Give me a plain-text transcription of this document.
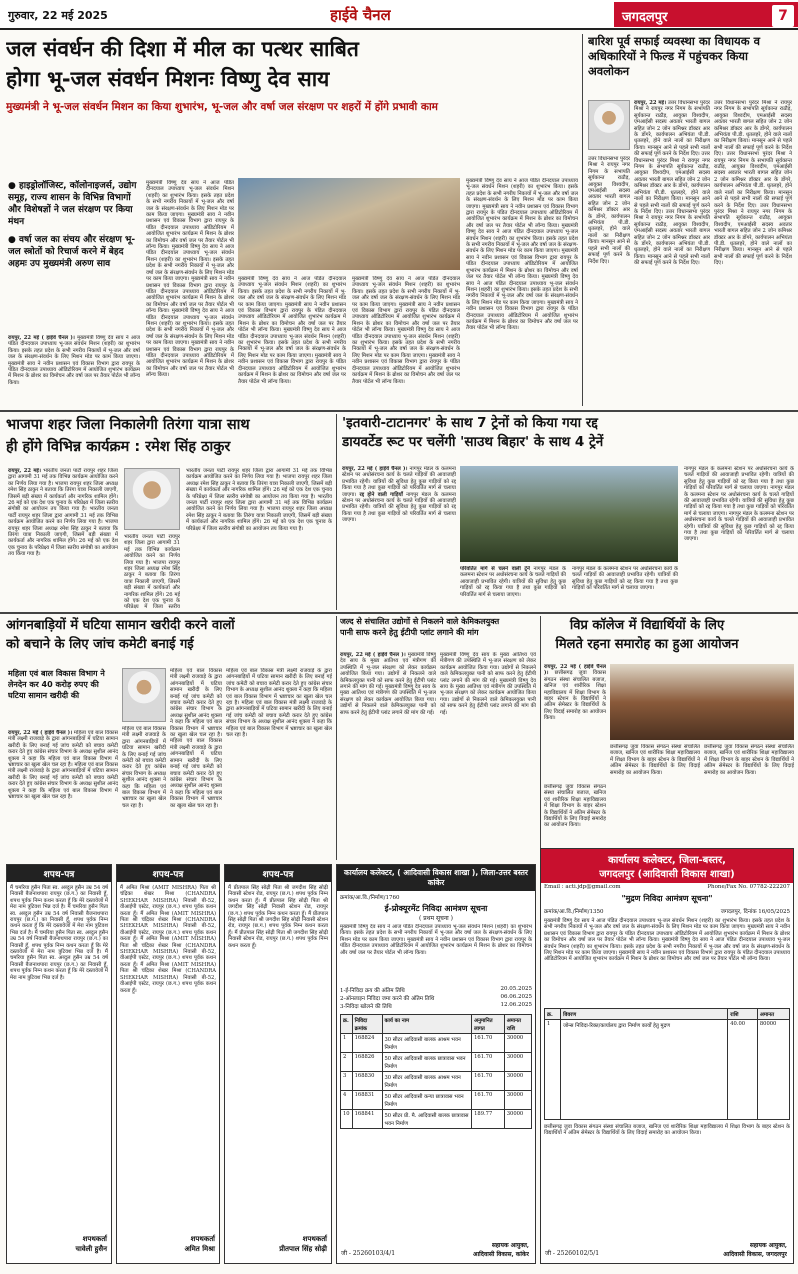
गुरुवार, 22 मई 2025	हाईवे चैनल	जगदलपुर	7
जल संवर्धन की दिशा में मील का पत्थर साबित
होगा भू-जल संवर्धन मिशनः विष्णु देव साय
मुख्यमंत्री ने भू-जल संवर्धन मिशन का किया शुभारंभ, भू-जल और वर्षा जल संरक्षण पर शहरों में होंगे प्रभावी काम
● हाइड्रोलॉजिस्ट, कॉलोनाइजर्स, उद्योग समूह, राज्य शासन के विभिन्न विभागों और विशेषज्ञों ने जल संरक्षण पर किया मंथन
● वर्षा जल का संचय और संरक्षण भू-जल स्त्रोतों को रिचार्ज करने में बेहद अहमः उप मुख्यमंत्री अरुण साव
रायपुर, 22 मई ( हाईवे चैनल )। मुख्यमंत्री विष्णु देव साय ने आज पंडित दीनदयाल उपाध्याय भू-जल संवर्धन मिशन (शहरी) का शुभारंभ किया। इसके तहत प्रदेश के सभी नगरीय निकायों में भू-जल और वर्षा जल के संरक्षण-संवर्धन के लिए मिशन मोड पर काम किया जाएगा। मुख्यमंत्री साय ने नवीन प्रशासन एवं विकास विभाग द्वारा रायपुर के पंडित दीनदयाल उपाध्याय ऑडिटोरियम में आयोजित शुभारंभ कार्यक्रम में मिशन के ब्रोशर का विमोचन और वर्षा जल पर तैयार पोर्टल भी लॉन्च किया।
मुख्यमंत्री विष्णु देव साय ने आज पंडित दीनदयाल उपाध्याय भू-जल संवर्धन मिशन (शहरी) का शुभारंभ किया। इसके तहत प्रदेश के सभी नगरीय निकायों में भू-जल और वर्षा जल के संरक्षण-संवर्धन के लिए मिशन मोड पर काम किया जाएगा। मुख्यमंत्री साय ने नवीन प्रशासन एवं विकास विभाग द्वारा रायपुर के पंडित दीनदयाल उपाध्याय ऑडिटोरियम में आयोजित शुभारंभ कार्यक्रम में मिशन के ब्रोशर का विमोचन और वर्षा जल पर तैयार पोर्टल भी लॉन्च किया। मुख्यमंत्री विष्णु देव साय ने आज पंडित दीनदयाल उपाध्याय भू-जल संवर्धन मिशन (शहरी) का शुभारंभ किया। इसके तहत प्रदेश के सभी नगरीय निकायों में भू-जल और वर्षा जल के संरक्षण-संवर्धन के लिए मिशन मोड पर काम किया जाएगा। मुख्यमंत्री साय ने नवीन प्रशासन एवं विकास विभाग द्वारा रायपुर के पंडित दीनदयाल उपाध्याय ऑडिटोरियम में आयोजित शुभारंभ कार्यक्रम में मिशन के ब्रोशर का विमोचन और वर्षा जल पर तैयार पोर्टल भी लॉन्च किया। मुख्यमंत्री विष्णु देव साय ने आज पंडित दीनदयाल उपाध्याय भू-जल संवर्धन मिशन (शहरी) का शुभारंभ किया। इसके तहत प्रदेश के सभी नगरीय निकायों में भू-जल और वर्षा जल के संरक्षण-संवर्धन के लिए मिशन मोड पर काम किया जाएगा। मुख्यमंत्री साय ने नवीन प्रशासन एवं विकास विभाग द्वारा रायपुर के पंडित दीनदयाल उपाध्याय ऑडिटोरियम में आयोजित शुभारंभ कार्यक्रम में मिशन के ब्रोशर का विमोचन और वर्षा जल पर तैयार पोर्टल भी लॉन्च किया।
मुख्यमंत्री विष्णु देव साय ने आज पंडित दीनदयाल उपाध्याय भू-जल संवर्धन मिशन (शहरी) का शुभारंभ किया। इसके तहत प्रदेश के सभी नगरीय निकायों में भू-जल और वर्षा जल के संरक्षण-संवर्धन के लिए मिशन मोड पर काम किया जाएगा। मुख्यमंत्री साय ने नवीन प्रशासन एवं विकास विभाग द्वारा रायपुर के पंडित दीनदयाल उपाध्याय ऑडिटोरियम में आयोजित शुभारंभ कार्यक्रम में मिशन के ब्रोशर का विमोचन और वर्षा जल पर तैयार पोर्टल भी लॉन्च किया। मुख्यमंत्री विष्णु देव साय ने आज पंडित दीनदयाल उपाध्याय भू-जल संवर्धन मिशन (शहरी) का शुभारंभ किया। इसके तहत प्रदेश के सभी नगरीय निकायों में भू-जल और वर्षा जल के संरक्षण-संवर्धन के लिए मिशन मोड पर काम किया जाएगा। मुख्यमंत्री साय ने नवीन प्रशासन एवं विकास विभाग द्वारा रायपुर के पंडित दीनदयाल उपाध्याय ऑडिटोरियम में आयोजित शुभारंभ कार्यक्रम में मिशन के ब्रोशर का विमोचन और वर्षा जल पर तैयार पोर्टल भी लॉन्च किया।
मुख्यमंत्री विष्णु देव साय ने आज पंडित दीनदयाल उपाध्याय भू-जल संवर्धन मिशन (शहरी) का शुभारंभ किया। इसके तहत प्रदेश के सभी नगरीय निकायों में भू-जल और वर्षा जल के संरक्षण-संवर्धन के लिए मिशन मोड पर काम किया जाएगा। मुख्यमंत्री साय ने नवीन प्रशासन एवं विकास विभाग द्वारा रायपुर के पंडित दीनदयाल उपाध्याय ऑडिटोरियम में आयोजित शुभारंभ कार्यक्रम में मिशन के ब्रोशर का विमोचन और वर्षा जल पर तैयार पोर्टल भी लॉन्च किया। मुख्यमंत्री विष्णु देव साय ने आज पंडित दीनदयाल उपाध्याय भू-जल संवर्धन मिशन (शहरी) का शुभारंभ किया। इसके तहत प्रदेश के सभी नगरीय निकायों में भू-जल और वर्षा जल के संरक्षण-संवर्धन के लिए मिशन मोड पर काम किया जाएगा। मुख्यमंत्री साय ने नवीन प्रशासन एवं विकास विभाग द्वारा रायपुर के पंडित दीनदयाल उपाध्याय ऑडिटोरियम में आयोजित शुभारंभ कार्यक्रम में मिशन के ब्रोशर का विमोचन और वर्षा जल पर तैयार पोर्टल भी लॉन्च किया।
मुख्यमंत्री विष्णु देव साय ने आज पंडित दीनदयाल उपाध्याय भू-जल संवर्धन मिशन (शहरी) का शुभारंभ किया। इसके तहत प्रदेश के सभी नगरीय निकायों में भू-जल और वर्षा जल के संरक्षण-संवर्धन के लिए मिशन मोड पर काम किया जाएगा। मुख्यमंत्री साय ने नवीन प्रशासन एवं विकास विभाग द्वारा रायपुर के पंडित दीनदयाल उपाध्याय ऑडिटोरियम में आयोजित शुभारंभ कार्यक्रम में मिशन के ब्रोशर का विमोचन और वर्षा जल पर तैयार पोर्टल भी लॉन्च किया। मुख्यमंत्री विष्णु देव साय ने आज पंडित दीनदयाल उपाध्याय भू-जल संवर्धन मिशन (शहरी) का शुभारंभ किया। इसके तहत प्रदेश के सभी नगरीय निकायों में भू-जल और वर्षा जल के संरक्षण-संवर्धन के लिए मिशन मोड पर काम किया जाएगा। मुख्यमंत्री साय ने नवीन प्रशासन एवं विकास विभाग द्वारा रायपुर के पंडित दीनदयाल उपाध्याय ऑडिटोरियम में आयोजित शुभारंभ कार्यक्रम में मिशन के ब्रोशर का विमोचन और वर्षा जल पर तैयार पोर्टल भी लॉन्च किया। मुख्यमंत्री विष्णु देव साय ने आज पंडित दीनदयाल उपाध्याय भू-जल संवर्धन मिशन (शहरी) का शुभारंभ किया। इसके तहत प्रदेश के सभी नगरीय निकायों में भू-जल और वर्षा जल के संरक्षण-संवर्धन के लिए मिशन मोड पर काम किया जाएगा। मुख्यमंत्री साय ने नवीन प्रशासन एवं विकास विभाग द्वारा रायपुर के पंडित दीनदयाल उपाध्याय ऑडिटोरियम में आयोजित शुभारंभ कार्यक्रम में मिशन के ब्रोशर का विमोचन और वर्षा जल पर तैयार पोर्टल भी लॉन्च किया।
बारिश पूर्व सफाई व्यवस्था का विधायक व अधिकारियों ने फिल्ड में पहुंचकर किया अवलोकन
रायपुर, 22 मई। उत्तर विधानसभा पुरंदर मिश्रा ने रायपुर नगर निगम के सभापति सूर्यकान्त राठौड़, आयुक्त विश्वदीप, एमआईसी सदस्य अवतार भारती बागल सहित जोन 2 जोन कमिश्नर डॉक्टर आर के डोंगरे, कार्यपालन अभियंता पी.डी. धृतलहरे, होने वाले नालों का निरीक्षण किया। मानसून आने से पहले सभी नालों की सफाई पूर्ण करने के निर्देश दिए। उत्तर विधानसभा पुरंदर मिश्रा ने रायपुर नगर निगम के सभापति सूर्यकान्त राठौड़, आयुक्त विश्वदीप, एमआईसी सदस्य अवतार भारती बागल सहित जोन 2 जोन कमिश्नर डॉक्टर आर के डोंगरे, कार्यपालन अभियंता पी.डी. धृतलहरे, होने वाले नालों का निरीक्षण किया। मानसून आने से पहले सभी नालों की सफाई पूर्ण करने के निर्देश दिए। उत्तर विधानसभा पुरंदर मिश्रा ने रायपुर नगर निगम के सभापति सूर्यकान्त राठौड़, आयुक्त विश्वदीप, एमआईसी सदस्य अवतार भारती बागल सहित जोन 2 जोन कमिश्नर डॉक्टर आर के डोंगरे, कार्यपालन अभियंता पी.डी. धृतलहरे, होने वाले नालों का निरीक्षण किया। मानसून आने से पहले सभी नालों की सफाई पूर्ण करने के निर्देश दिए।
उत्तर विधानसभा पुरंदर मिश्रा ने रायपुर नगर निगम के सभापति सूर्यकान्त राठौड़, आयुक्त विश्वदीप, एमआईसी सदस्य अवतार भारती बागल सहित जोन 2 जोन कमिश्नर डॉक्टर आर के डोंगरे, कार्यपालन अभियंता पी.डी. धृतलहरे, होने वाले नालों का निरीक्षण किया। मानसून आने से पहले सभी नालों की सफाई पूर्ण करने के निर्देश दिए।
उत्तर विधानसभा पुरंदर मिश्रा ने रायपुर नगर निगम के सभापति सूर्यकान्त राठौड़, आयुक्त विश्वदीप, एमआईसी सदस्य अवतार भारती बागल सहित जोन 2 जोन कमिश्नर डॉक्टर आर के डोंगरे, कार्यपालन अभियंता पी.डी. धृतलहरे, होने वाले नालों का निरीक्षण किया। मानसून आने से पहले सभी नालों की सफाई पूर्ण करने के निर्देश दिए। उत्तर विधानसभा पुरंदर मिश्रा ने रायपुर नगर निगम के सभापति सूर्यकान्त राठौड़, आयुक्त विश्वदीप, एमआईसी सदस्य अवतार भारती बागल सहित जोन 2 जोन कमिश्नर डॉक्टर आर के डोंगरे, कार्यपालन अभियंता पी.डी. धृतलहरे, होने वाले नालों का निरीक्षण किया। मानसून आने से पहले सभी नालों की सफाई पूर्ण करने के निर्देश दिए। उत्तर विधानसभा पुरंदर मिश्रा ने रायपुर नगर निगम के सभापति सूर्यकान्त राठौड़, आयुक्त विश्वदीप, एमआईसी सदस्य अवतार भारती बागल सहित जोन 2 जोन कमिश्नर डॉक्टर आर के डोंगरे, कार्यपालन अभियंता पी.डी. धृतलहरे, होने वाले नालों का निरीक्षण किया। मानसून आने से पहले सभी नालों की सफाई पूर्ण करने के निर्देश दिए।
भाजपा शहर जिला निकालेगी तिरंगा यात्रा साथ
ही होंगे विभिन्न कार्यक्रम : रमेश सिंह ठाकुर
रायपुर, 22 मई। भारतीय जनता पार्टी रायपुर शहर जिला द्वारा आगामी 31 मई तक विभिन्न कार्यक्रम आयोजित करने का निर्णय लिया गया है। भाजपा रायपुर शहर जिला अध्यक्ष रमेश सिंह ठाकुर ने बताया कि तिरंगा यात्रा निकाली जाएगी, जिसमें बड़ी संख्या में कार्यकर्ता और नागरिक शामिल होंगे। 26 मई को एक देश एक चुनाव के परिप्रेक्ष्य में जिला स्तरीय संगोष्ठी का आयोजन तय किया गया है। भारतीय जनता पार्टी रायपुर शहर जिला द्वारा आगामी 31 मई तक विभिन्न कार्यक्रम आयोजित करने का निर्णय लिया गया है। भाजपा रायपुर शहर जिला अध्यक्ष रमेश सिंह ठाकुर ने बताया कि तिरंगा यात्रा निकाली जाएगी, जिसमें बड़ी संख्या में कार्यकर्ता और नागरिक शामिल होंगे। 26 मई को एक देश एक चुनाव के परिप्रेक्ष्य में जिला स्तरीय संगोष्ठी का आयोजन तय किया गया है।
भारतीय जनता पार्टी रायपुर शहर जिला द्वारा आगामी 31 मई तक विभिन्न कार्यक्रम आयोजित करने का निर्णय लिया गया है। भाजपा रायपुर शहर जिला अध्यक्ष रमेश सिंह ठाकुर ने बताया कि तिरंगा यात्रा निकाली जाएगी, जिसमें बड़ी संख्या में कार्यकर्ता और नागरिक शामिल होंगे। 26 मई को एक देश एक चुनाव के परिप्रेक्ष्य में जिला स्तरीय
भारतीय जनता पार्टी रायपुर शहर जिला द्वारा आगामी 31 मई तक विभिन्न कार्यक्रम आयोजित करने का निर्णय लिया गया है। भाजपा रायपुर शहर जिला अध्यक्ष रमेश सिंह ठाकुर ने बताया कि तिरंगा यात्रा निकाली जाएगी, जिसमें बड़ी संख्या में कार्यकर्ता और नागरिक शामिल होंगे। 26 मई को एक देश एक चुनाव के परिप्रेक्ष्य में जिला स्तरीय संगोष्ठी का आयोजन तय किया गया है। भारतीय जनता पार्टी रायपुर शहर जिला द्वारा आगामी 31 मई तक विभिन्न कार्यक्रम आयोजित करने का निर्णय लिया गया है। भाजपा रायपुर शहर जिला अध्यक्ष रमेश सिंह ठाकुर ने बताया कि तिरंगा यात्रा निकाली जाएगी, जिसमें बड़ी संख्या में कार्यकर्ता और नागरिक शामिल होंगे। 26 मई को एक देश एक चुनाव के परिप्रेक्ष्य में जिला स्तरीय संगोष्ठी का आयोजन तय किया गया है।
'इतवारी-टाटानगर' के साथ 7 ट्रेनों को किया गया रद्द
डायवर्टेड रूट पर चलेंगी 'साउथ बिहार' के साथ 4 ट्रेनें
रायपुर, 22 मई ( हाईवे चैनल )। नागपुर मंडल के कलमना स्टेशन पर अधोसंरचना कार्य के चलते गाड़ियों की आवाजाही प्रभावित रहेगी। यात्रियों की सुविधा हेतु कुछ गाड़ियों को रद्द किया गया है तथा कुछ गाड़ियों को परिवर्तित मार्ग से चलाया जाएगा। रद्द होने वाली गाड़ियाँ नागपुर मंडल के कलमना स्टेशन पर अधोसंरचना कार्य के चलते गाड़ियों की आवाजाही प्रभावित रहेगी। यात्रियों की सुविधा हेतु कुछ गाड़ियों को रद्द किया गया है तथा कुछ गाड़ियों को परिवर्तित मार्ग से चलाया जाएगा।
परिवर्तित मार्ग से चलने वाली ट्रेनें नागपुर मंडल के कलमना स्टेशन पर अधोसंरचना कार्य के चलते गाड़ियों की आवाजाही प्रभावित रहेगी। यात्रियों की सुविधा हेतु कुछ गाड़ियों को रद्द किया गया है तथा कुछ गाड़ियों को परिवर्तित मार्ग से चलाया जाएगा।
नागपुर मंडल के कलमना स्टेशन पर अधोसंरचना कार्य के चलते गाड़ियों की आवाजाही प्रभावित रहेगी। यात्रियों की सुविधा हेतु कुछ गाड़ियों को रद्द किया गया है तथा कुछ गाड़ियों को परिवर्तित मार्ग से चलाया जाएगा।
नागपुर मंडल के कलमना स्टेशन पर अधोसंरचना कार्य के चलते गाड़ियों की आवाजाही प्रभावित रहेगी। यात्रियों की सुविधा हेतु कुछ गाड़ियों को रद्द किया गया है तथा कुछ गाड़ियों को परिवर्तित मार्ग से चलाया जाएगा। नागपुर मंडल के कलमना स्टेशन पर अधोसंरचना कार्य के चलते गाड़ियों की आवाजाही प्रभावित रहेगी। यात्रियों की सुविधा हेतु कुछ गाड़ियों को रद्द किया गया है तथा कुछ गाड़ियों को परिवर्तित मार्ग से चलाया जाएगा। नागपुर मंडल के कलमना स्टेशन पर अधोसंरचना कार्य के चलते गाड़ियों की आवाजाही प्रभावित रहेगी। यात्रियों की सुविधा हेतु कुछ गाड़ियों को रद्द किया गया है तथा कुछ गाड़ियों को परिवर्तित मार्ग से चलाया जाएगा।
आंगनबाड़ियों में घटिया सामान खरीदी करने वालों
को बचाने के लिए जांच कमेटी बनाई गई
महिला एवं बाल विकास विभाग ने लेनदेन कर 40 करोड़ रुपए की घटिया सामान खरीदी की
रायपुर, 22 मई ( हाईवे चैनल )। महिला एवं बाल विकास मंत्री लक्ष्मी राजवाड़े के द्वारा आंगनबाड़ियों में घटिया सामान खरीदी के लिए बनाई गई जांच कमेटी को बचाव कमेटी करार देते हुए कांग्रेस संचार विभाग के अध्यक्ष सुशील आनंद शुक्ला ने कहा कि महिला एवं बाल विकास विभाग में भ्रष्टाचार का खुला खेल चल रहा है। महिला एवं बाल विकास मंत्री लक्ष्मी राजवाड़े के द्वारा आंगनबाड़ियों में घटिया सामान खरीदी के लिए बनाई गई जांच कमेटी को बचाव कमेटी करार देते हुए कांग्रेस संचार विभाग के अध्यक्ष सुशील आनंद शुक्ला ने कहा कि महिला एवं बाल विकास विभाग में भ्रष्टाचार का खुला खेल चल रहा है।
महिला एवं बाल विकास मंत्री लक्ष्मी राजवाड़े के द्वारा आंगनबाड़ियों में घटिया सामान खरीदी के लिए बनाई गई जांच कमेटी को बचाव कमेटी करार देते हुए कांग्रेस संचार विभाग के अध्यक्ष सुशील आनंद शुक्ला ने कहा कि महिला एवं बाल विकास विभाग में भ्रष्टाचार का खुला खेल चल रहा है। महिला एवं बाल विकास मंत्री लक्ष्मी राजवाड़े के द्वारा आंगनबाड़ियों में घटिया सामान खरीदी के लिए बनाई गई जांच कमेटी को बचाव कमेटी करार देते हुए कांग्रेस संचार विभाग के अध्यक्ष सुशील आनंद शुक्ला ने कहा कि महिला एवं बाल विकास विभाग में भ्रष्टाचार का खुला खेल चल रहा है।
महिला एवं बाल विकास मंत्री लक्ष्मी राजवाड़े के द्वारा आंगनबाड़ियों में घटिया सामान खरीदी के लिए बनाई गई जांच कमेटी को बचाव कमेटी करार देते हुए कांग्रेस संचार विभाग के अध्यक्ष सुशील आनंद शुक्ला ने कहा कि महिला एवं बाल विकास विभाग में भ्रष्टाचार का खुला खेल चल रहा है।
महिला एवं बाल विकास मंत्री लक्ष्मी राजवाड़े के द्वारा आंगनबाड़ियों में घटिया सामान खरीदी के लिए बनाई गई जांच कमेटी को बचाव कमेटी करार देते हुए कांग्रेस संचार विभाग के अध्यक्ष सुशील आनंद शुक्ला ने कहा कि महिला एवं बाल विकास विभाग में भ्रष्टाचार का खुला खेल चल रहा है। महिला एवं बाल विकास मंत्री लक्ष्मी राजवाड़े के द्वारा आंगनबाड़ियों में घटिया सामान खरीदी के लिए बनाई गई जांच कमेटी को बचाव कमेटी करार देते हुए कांग्रेस संचार विभाग के अध्यक्ष सुशील आनंद शुक्ला ने कहा कि महिला एवं बाल विकास विभाग में भ्रष्टाचार का खुला खेल चल रहा है।
जल्द से संचालित उद्योगों से निकलने वाले केमिकलयुक्त
पानी साफ करने हेतु ईटीपी प्लांट लगाने की मांग
रायपुर, 22 मई ( हाईवे चैनल )। मुख्यमंत्री विष्णु देव साय के मुख्य आतिथ्य एवं मंत्रीगण की उपस्थिति में भू-जल संरक्षण को लेकर कार्यक्रम आयोजित किया गया। उद्योगों से निकलने वाले केमिकलयुक्त पानी को साफ करने हेतु ईटीपी प्लांट लगाने की मांग की गई। मुख्यमंत्री विष्णु देव साय के मुख्य आतिथ्य एवं मंत्रीगण की उपस्थिति में भू-जल संरक्षण को लेकर कार्यक्रम आयोजित किया गया। उद्योगों से निकलने वाले केमिकलयुक्त पानी को साफ करने हेतु ईटीपी प्लांट लगाने की मांग की गई।
मुख्यमंत्री विष्णु देव साय के मुख्य आतिथ्य एवं मंत्रीगण की उपस्थिति में भू-जल संरक्षण को लेकर कार्यक्रम आयोजित किया गया। उद्योगों से निकलने वाले केमिकलयुक्त पानी को साफ करने हेतु ईटीपी प्लांट लगाने की मांग की गई। मुख्यमंत्री विष्णु देव साय के मुख्य आतिथ्य एवं मंत्रीगण की उपस्थिति में भू-जल संरक्षण को लेकर कार्यक्रम आयोजित किया गया। उद्योगों से निकलने वाले केमिकलयुक्त पानी को साफ करने हेतु ईटीपी प्लांट लगाने की मांग की गई।
विप्र कॉलेज में विद्यार्थियों के लिए
मिलते रहना समारोह का हुआ आयोजन
रायपुर, 22 मई ( हाईवे चैनल )। छत्तीसगढ़ जुवा विकास संगठन संस्था संचालित बजाज, खनिज एवं शारीरिक शिक्षा महाविद्यालय में शिक्षा विभाग के बाहर स्टेशन के विद्यार्थियों ने अंतिम सेमेस्टर के विद्यार्थियों के लिए विदाई समारोह का आयोजन किया।
छत्तीसगढ़ जुवा विकास संगठन संस्था संचालित बजाज, खनिज एवं शारीरिक शिक्षा महाविद्यालय में शिक्षा विभाग के बाहर स्टेशन के विद्यार्थियों ने अंतिम सेमेस्टर के विद्यार्थियों के लिए विदाई समारोह का आयोजन किया।
छत्तीसगढ़ जुवा विकास संगठन संस्था संचालित बजाज, खनिज एवं शारीरिक शिक्षा महाविद्यालय में शिक्षा विभाग के बाहर स्टेशन के विद्यार्थियों ने अंतिम सेमेस्टर के विद्यार्थियों के लिए विदाई समारोह का आयोजन किया।
छत्तीसगढ़ जुवा विकास संगठन संस्था संचालित बजाज, खनिज एवं शारीरिक शिक्षा महाविद्यालय में शिक्षा विभाग के बाहर स्टेशन के विद्यार्थियों ने अंतिम सेमेस्टर के विद्यार्थियों के लिए विदाई समारोह का आयोजन किया।
शपथ-पत्र
मैं चमरिया हुसैन पिता स्व. अब्दुल हुसैन उम्र 54 वर्ष निवासी बैजनाथपारा रायपुर (छ.ग.) का निवासी हूँ, शपथ पूर्वक निम्न कथन करता हूँ कि मेरे दस्तावेजों में मेरा नाम त्रुटिवश भिन्न दर्ज है। मैं चमरिया हुसैन पिता स्व. अब्दुल हुसैन उम्र 54 वर्ष निवासी बैजनाथपारा रायपुर (छ.ग.) का निवासी हूँ, शपथ पूर्वक निम्न कथन करता हूँ कि मेरे दस्तावेजों में मेरा नाम त्रुटिवश भिन्न दर्ज है। मैं चमरिया हुसैन पिता स्व. अब्दुल हुसैन उम्र 54 वर्ष निवासी बैजनाथपारा रायपुर (छ.ग.) का निवासी हूँ, शपथ पूर्वक निम्न कथन करता हूँ कि मेरे दस्तावेजों में मेरा नाम त्रुटिवश भिन्न दर्ज है। मैं चमरिया हुसैन पिता स्व. अब्दुल हुसैन उम्र 54 वर्ष निवासी बैजनाथपारा रायपुर (छ.ग.) का निवासी हूँ, शपथ पूर्वक निम्न कथन करता हूँ कि मेरे दस्तावेजों में मेरा नाम त्रुटिवश भिन्न दर्ज है।
शपथकर्ता
चावेली हुसैन
शपथ-पत्र
मैं अमित मिश्रा (AMIT MISHRA) पिता श्री चंद्रिका शेखर मिश्रा (CHANDRA SHEKHAR MISHRA) निवासी बी-52, वीआईपी एस्टेट, रायपुर (छ.ग.) शपथ पूर्वक कथन करता हूँ। मैं अमित मिश्रा (AMIT MISHRA) पिता श्री चंद्रिका शेखर मिश्रा (CHANDRA SHEKHAR MISHRA) निवासी बी-52, वीआईपी एस्टेट, रायपुर (छ.ग.) शपथ पूर्वक कथन करता हूँ। मैं अमित मिश्रा (AMIT MISHRA) पिता श्री चंद्रिका शेखर मिश्रा (CHANDRA SHEKHAR MISHRA) निवासी बी-52, वीआईपी एस्टेट, रायपुर (छ.ग.) शपथ पूर्वक कथन करता हूँ। मैं अमित मिश्रा (AMIT MISHRA) पिता श्री चंद्रिका शेखर मिश्रा (CHANDRA SHEKHAR MISHRA) निवासी बी-52, वीआईपी एस्टेट, रायपुर (छ.ग.) शपथ पूर्वक कथन करता हूँ।
शपथकर्ता
अमित मिश्रा
शपथ-पत्र
मैं प्रीतपाल सिंह सोढ़ी पिता श्री जगदीश सिंह सोढ़ी निवासी स्टेशन रोड, रायपुर (छ.ग.) शपथ पूर्वक निम्न कथन करता हूँ। मैं प्रीतपाल सिंह सोढ़ी पिता श्री जगदीश सिंह सोढ़ी निवासी स्टेशन रोड, रायपुर (छ.ग.) शपथ पूर्वक निम्न कथन करता हूँ। मैं प्रीतपाल सिंह सोढ़ी पिता श्री जगदीश सिंह सोढ़ी निवासी स्टेशन रोड, रायपुर (छ.ग.) शपथ पूर्वक निम्न कथन करता हूँ। मैं प्रीतपाल सिंह सोढ़ी पिता श्री जगदीश सिंह सोढ़ी निवासी स्टेशन रोड, रायपुर (छ.ग.) शपथ पूर्वक निम्न कथन करता हूँ।
शपथकर्ता
प्रीतपाल सिंह सोढ़ी
कार्यालय कलेक्टर, ( आदिवासी विकास शाखा ), जिला-उत्तर बस्तर कांकेर
क्रमांक/आ.वि./निर्माण/1760
ई-प्रोक्यूरमेंट निविदा आमंत्रण सूचना
( प्रथम सूचना )
मुख्यमंत्री विष्णु देव साय ने आज पंडित दीनदयाल उपाध्याय भू-जल संवर्धन मिशन (शहरी) का शुभारंभ किया। इसके तहत प्रदेश के सभी नगरीय निकायों में भू-जल और वर्षा जल के संरक्षण-संवर्धन के लिए मिशन मोड पर काम किया जाएगा। मुख्यमंत्री साय ने नवीन प्रशासन एवं विकास विभाग द्वारा रायपुर के पंडित दीनदयाल उपाध्याय ऑडिटोरियम में आयोजित शुभारंभ कार्यक्रम में मिशन के ब्रोशर का विमोचन और वर्षा जल पर तैयार पोर्टल भी लॉन्च किया।
1-ई-निविदा क्रय की अंतिम तिथि	20.05.2025
2-ऑनलाइन निविदा जमा करने की अंतिम तिथि	06.06.2025
3-निविदा खोलने की तिथि	12.06.2025
क्र.	निविदा क्रमांक	कार्य का नाम	अनुमानित लागत	अमानत राशि
1	168824	30 सीटर आदिवासी बालक आश्रम भवन निर्माण	161.70	30000
2	168826	50 सीटर आदिवासी बालक छात्रावास भवन निर्माण	161.70	30000
3	168830	30 सीटर आदिवासी बालक आश्रम भवन निर्माण	161.70	30000
4	168831	50 सीटर आदिवासी कन्या छात्रावास भवन निर्माण	161.70	30000
10	168841	50 सीटर प्री. मै. आदिवासी बालक छात्रावास भवन निर्माण	189.77	30000
जी - 25260103/4/1
सहायक आयुक्त,
आदिवासी विकास, कांकेर
कार्यालय कलेक्टर, जिला-बस्तर,
जगदलपुर (आदिवासी विकास शाखा)
Email : acti.jdp@gmail.com	Phone/Fax No. 07782-222207
"मुद्रण निविदा आमंत्रण सूचना"
क्रमांक/आ.वि./निर्माण/1350	जगदलपुर, दिनांक 16/05/2025
मुख्यमंत्री विष्णु देव साय ने आज पंडित दीनदयाल उपाध्याय भू-जल संवर्धन मिशन (शहरी) का शुभारंभ किया। इसके तहत प्रदेश के सभी नगरीय निकायों में भू-जल और वर्षा जल के संरक्षण-संवर्धन के लिए मिशन मोड पर काम किया जाएगा। मुख्यमंत्री साय ने नवीन प्रशासन एवं विकास विभाग द्वारा रायपुर के पंडित दीनदयाल उपाध्याय ऑडिटोरियम में आयोजित शुभारंभ कार्यक्रम में मिशन के ब्रोशर का विमोचन और वर्षा जल पर तैयार पोर्टल भी लॉन्च किया। मुख्यमंत्री विष्णु देव साय ने आज पंडित दीनदयाल उपाध्याय भू-जल संवर्धन मिशन (शहरी) का शुभारंभ किया। इसके तहत प्रदेश के सभी नगरीय निकायों में भू-जल और वर्षा जल के संरक्षण-संवर्धन के लिए मिशन मोड पर काम किया जाएगा। मुख्यमंत्री साय ने नवीन प्रशासन एवं विकास विभाग द्वारा रायपुर के पंडित दीनदयाल उपाध्याय ऑडिटोरियम में आयोजित शुभारंभ कार्यक्रम में मिशन के ब्रोशर का विमोचन और वर्षा जल पर तैयार पोर्टल भी लॉन्च किया।
क्र.	विवरण	राशि	अमानत
1	जोन्स निविदा-रिक्त/कार्यालय द्वारा निर्माण कार्यों हेतु मुद्रण	40.00	80000
छत्तीसगढ़ जुवा विकास संगठन संस्था संचालित बजाज, खनिज एवं शारीरिक शिक्षा महाविद्यालय में शिक्षा विभाग के बाहर स्टेशन के विद्यार्थियों ने अंतिम सेमेस्टर के विद्यार्थियों के लिए विदाई समारोह का आयोजन किया।
जी - 25260102/5/1
सहायक आयुक्त,
आदिवासी विकास, जगदलपुर
